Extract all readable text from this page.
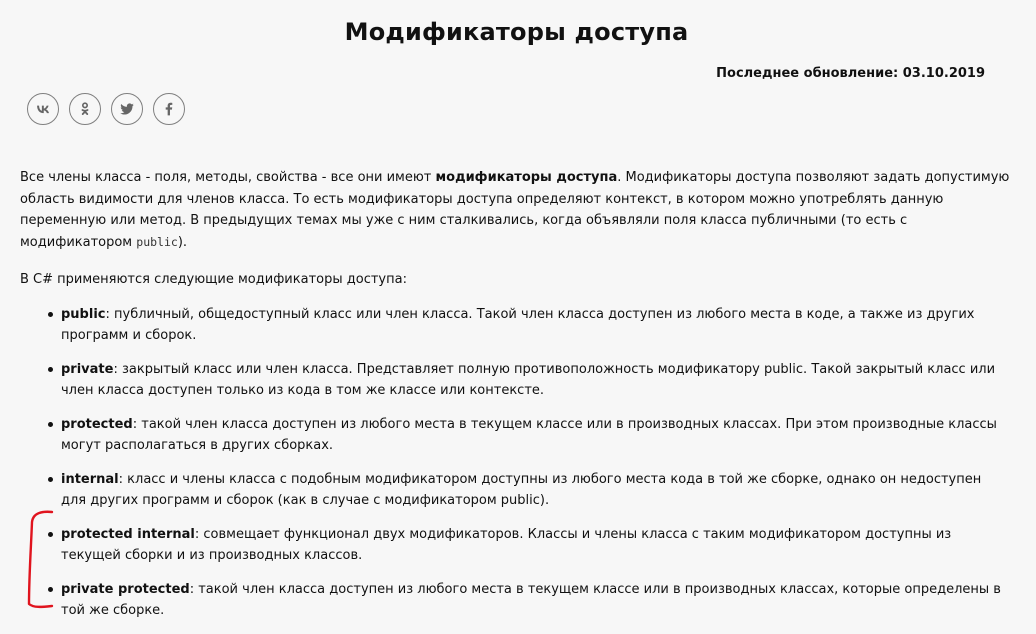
Модификаторы доступа
Последнее обновление: 03.10.2019

Все члены класса - поля, методы, свойства - все они имеют модификаторы доступа. Модификаторы доступа позволяют задать допустимую область видимости для членов класса. То есть модификаторы доступа определяют контекст, в котором можно употреблять данную переменную или метод. В предыдущих темах мы уже с ним сталкивались, когда объявляли поля класса публичными (то есть с модификатором public).

В C# применяются следующие модификаторы доступа:

public: публичный, общедоступный класс или член класса. Такой член класса доступен из любого места в коде, а также из других программ и сборок.
private: закрытый класс или член класса. Представляет полную противоположность модификатору public. Такой закрытый класс или член класса доступен только из кода в том же классе или контексте.
protected: такой член класса доступен из любого места в текущем классе или в производных классах. При этом производные классы могут располагаться в других сборках.
internal: класс и члены класса с подобным модификатором доступны из любого места кода в той же сборке, однако он недоступен для других программ и сборок (как в случае с модификатором public).
protected internal: совмещает функционал двух модификаторов. Классы и члены класса с таким модификатором доступны из текущей сборки и из производных классов.
private protected: такой член класса доступен из любого места в текущем классе или в производных классах, которые определены в той же сборке.
